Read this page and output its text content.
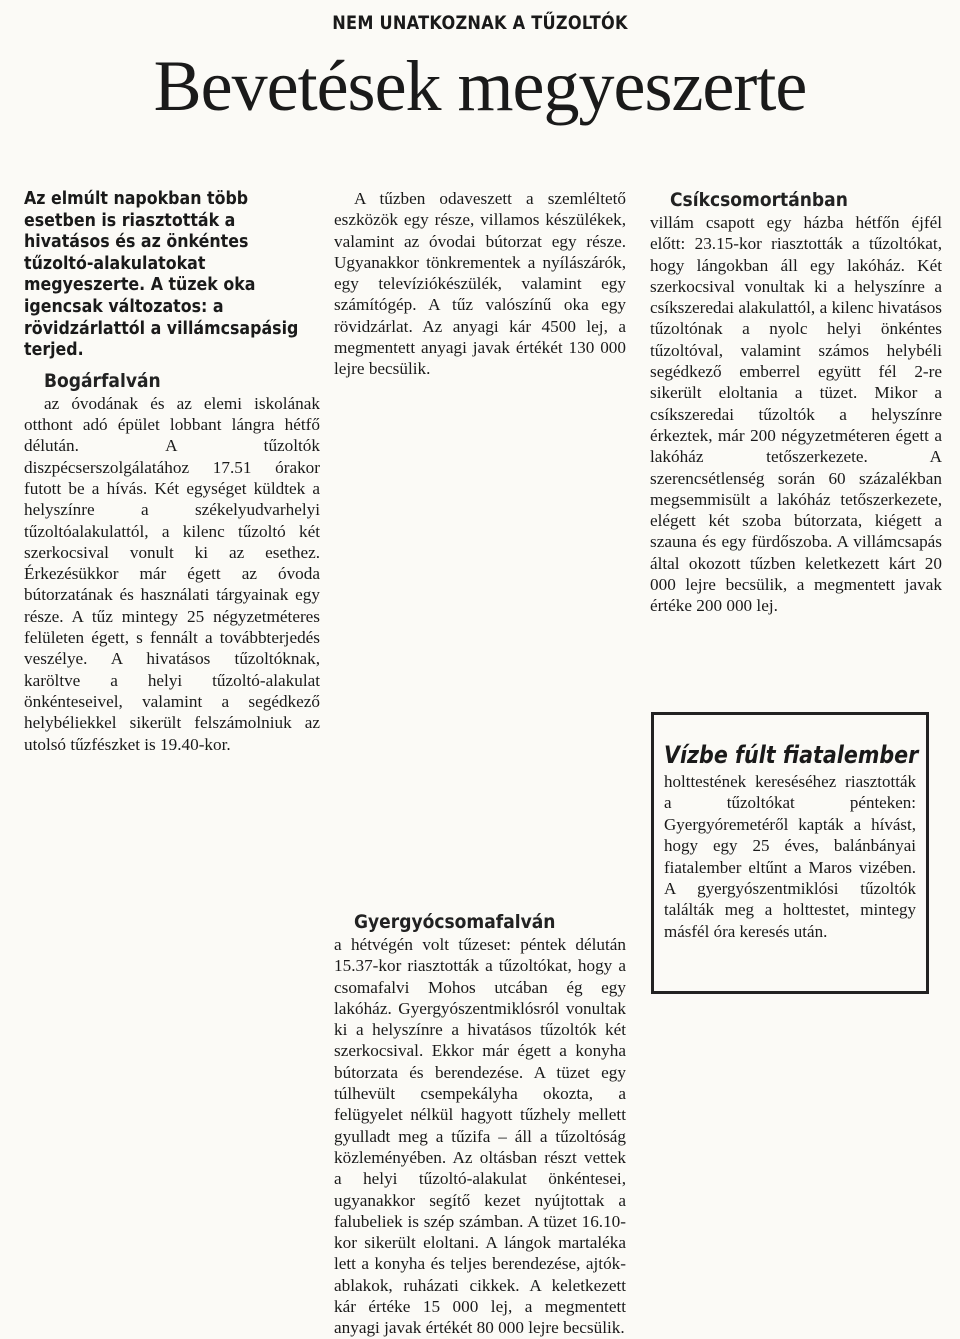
NEM UNATKOZNAK A TŰZOLTÓK
Bevetések megyeszerte

Az elmúlt napokban több esetben is riasztották a hivatásos és az önkéntes tűzoltó-alakulatokat megyeszerte. A tüzek oka igencsak változatos: a rövidzárlattól a villámcsapásig terjed.

Bogárfalván

az óvodának és az elemi iskolának otthont adó épület lobbant lángra hétfő délután. A tűzoltók diszpécserszolgálatához 17.51 órakor futott be a hívás. Két egységet küldtek a helyszínre a székelyudvarhelyi tűzoltóalakulattól, a kilenc tűzoltó két szerkocsival vonult ki az esethez. Érkezésükkor már égett az óvoda bútorzatának és használati tárgyainak egy része. A tűz mintegy 25 négyzetméteres felületen égett, s fennált a továbbterjedés veszélye. A hivatásos tűzoltóknak, karöltve a helyi tűzoltó-alakulat önkénteseivel, valamint a segédkező helybéliekkel sikerült felszámolniuk az utolsó tűzfészket is 19.40-kor.

A tűzben odaveszett a szemléltető eszközök egy része, villamos készülékek, valamint az óvodai bútorzat egy része. Ugyanakkor tönkrementek a nyílászárók, egy televíziókészülék, valamint egy számítógép. A tűz valószínű oka egy rövidzárlat. Az anyagi kár 4500 lej, a megmentett anyagi javak értékét 130 000 lejre becsülik.

Csíkcsomortánban

villám csapott egy házba hétfőn éjfél előtt: 23.15-kor riasztották a tűzoltókat, hogy lángokban áll egy lakóház. Két szerkocsival vonultak ki a helyszínre a csíkszeredai alakulattól, a kilenc hivatásos tűzoltónak a nyolc helyi önkéntes tűzoltóval, valamint számos helybéli segédkező emberrel együtt fél 2-re sikerült eloltania a tüzet. Mikor a csíkszeredai tűzoltók a helyszínre érkeztek, már 200 négyzetméteren égett a lakóház tetőszerkezete. A szerencsétlenség során 60 százalékban megsemmisült a lakóház tetőszerkezete, elégett két szoba bútorzata, kiégett a szauna és egy fürdőszoba. A villámcsapás által okozott tűzben keletkezett kárt 20 000 lejre becsülik, a megmentett javak értéke 200 000 lej.

Gyergyócsomafalván

a hétvégén volt tűzeset: péntek délután 15.37-kor riasztották a tűzoltókat, hogy a csomafalvi Mohos utcában ég egy lakóház. Gyergyószentmiklósról vonultak ki a helyszínre a hivatásos tűzoltók két szerkocsival. Ekkor már égett a konyha bútorzata és berendezése. A tüzet egy túlhevült csempekályha okozta, a felügyelet nélkül hagyott tűzhely mellett gyulladt meg a tűzifa – áll a tűzoltóság közleményében. Az oltásban részt vettek a helyi tűzoltó-alakulat önkéntesei, ugyanakkor segítő kezet nyújtottak a falubeliek is szép számban. A tüzet 16.10-kor sikerült eloltani. A lángok martaléka lett a konyha és teljes berendezése, ajtók-ablakok, ruházati cikkek. A keletkezett kár értéke 15 000 lej, a megmentett anyagi javak értékét 80 000 lejre becsülik.

Vízbe fúlt fiatalember

holttestének kereséséhez riasztották a tűzoltókat pénteken: Gyergyóremetéről kapták a hívást, hogy egy 25 éves, balánbányai fiatalember eltűnt a Maros vizében. A gyergyószentmiklósi tűzoltók találták meg a holttestet, mintegy másfél óra keresés után.
